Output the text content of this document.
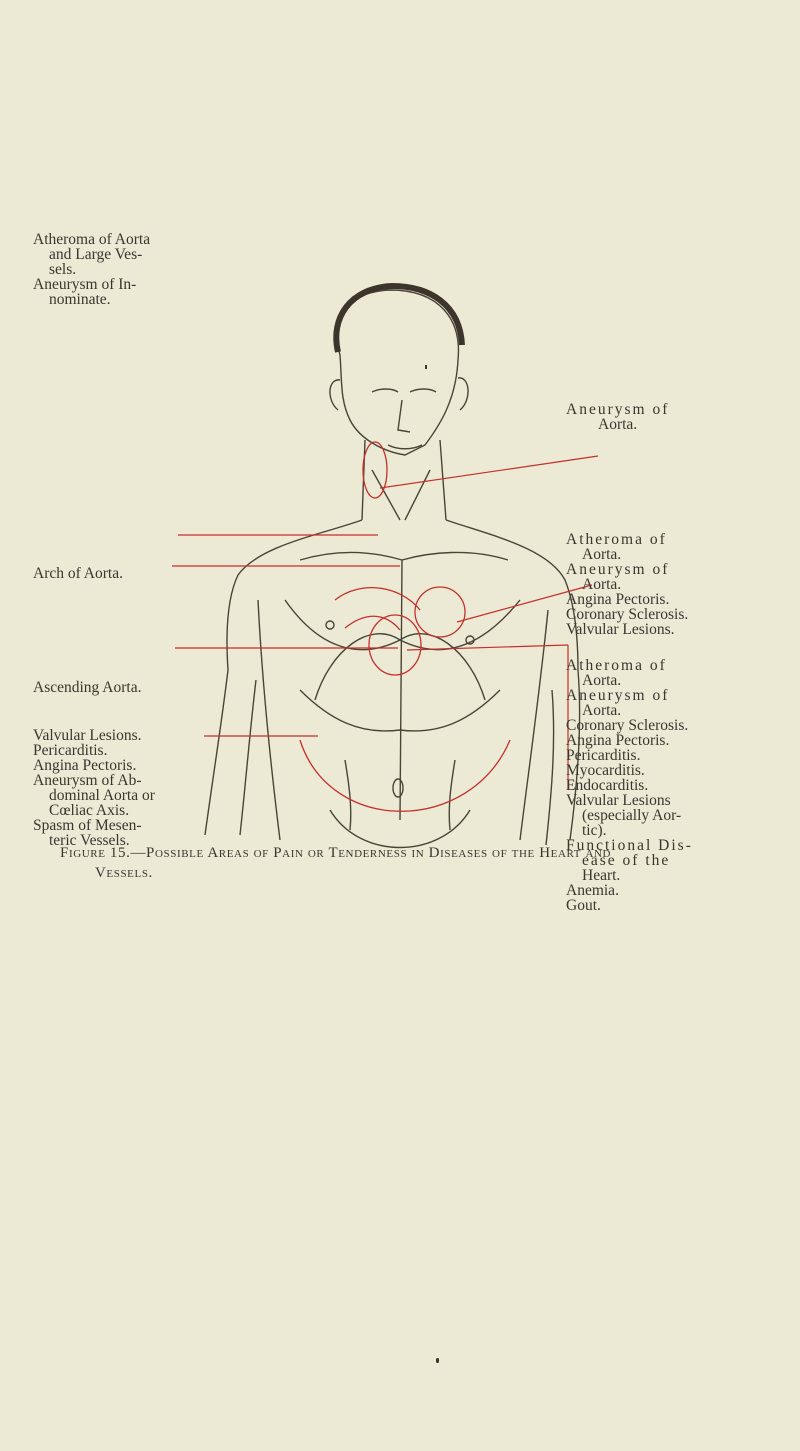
Atheroma of Aorta
and Large Ves-
sels.
Aneurysm of In-
nominate.
Arch of Aorta.
Ascending Aorta.
Valvular Lesions.
Pericarditis.
Angina Pectoris.
Aneurysm of Ab-
dominal Aorta or
Cœliac Axis.
Spasm of Mesen-
teric Vessels.
Aneurysm of
Aorta.
Atheroma of
Aorta.
Aneurysm of
Aorta.
Angina Pectoris.
Coronary Sclerosis.
Valvular Lesions.
Atheroma of
Aorta.
Aneurysm of
Aorta.
Coronary Sclerosis.
Angina Pectoris.
Pericarditis.
Myocarditis.
Endocarditis.
Valvular Lesions
(especially Aor-
tic).
Functional Dis-
ease of the
Heart.
Anemia.
Gout.
Figure 15.—Possible Areas of Pain or Tenderness in Diseases of the Heart and
Vessels.
